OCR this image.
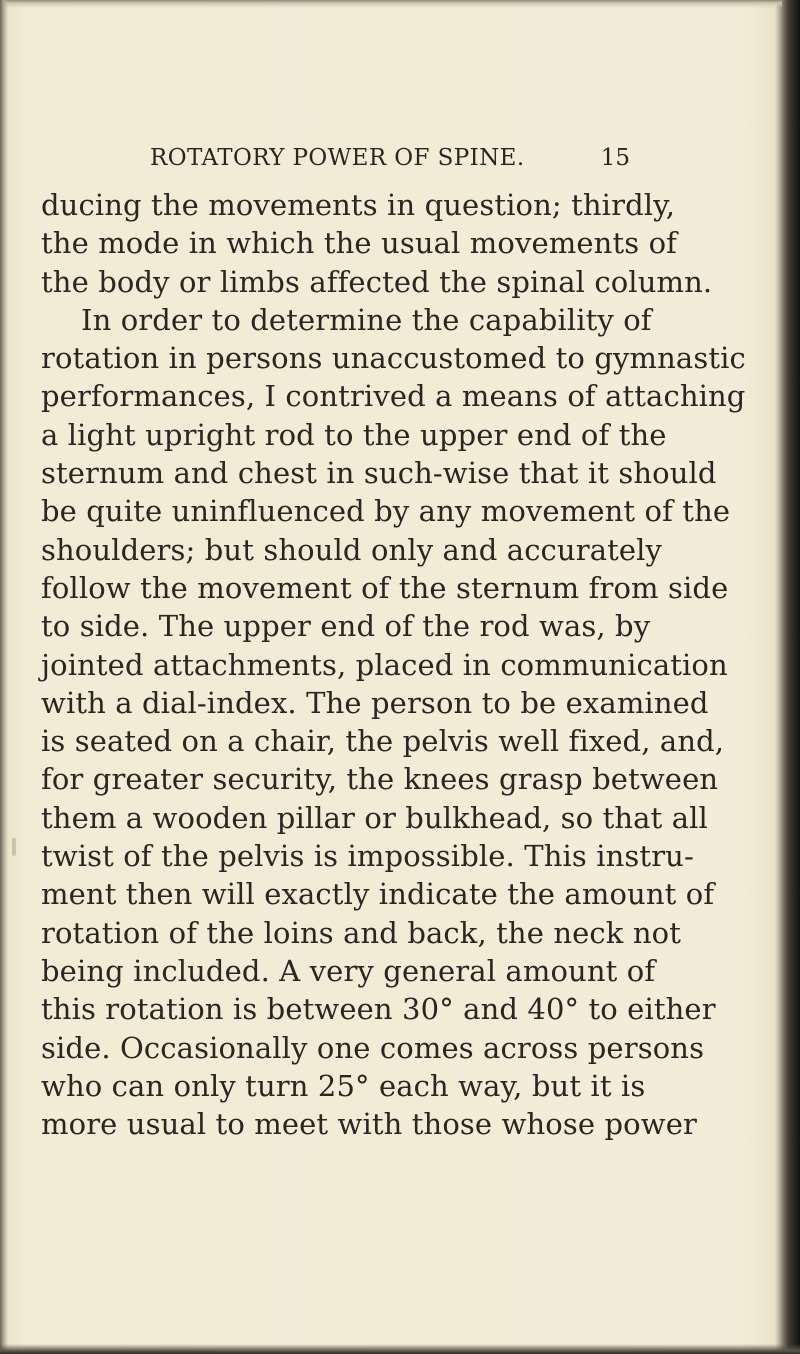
ROTATORY POWER OF SPINE.	15
ducing the movements in question; thirdly,
the mode in which the usual movements of
the body or limbs affected the spinal column.
In order to determine the capability of
rotation in persons unaccustomed to gymnastic
performances, I contrived a means of attaching
a light upright rod to the upper end of the
sternum and chest in such-wise that it should
be quite uninfluenced by any movement of the
shoulders; but should only and accurately
follow the movement of the sternum from side
to side. The upper end of the rod was, by
jointed attachments, placed in communication
with a dial-index. The person to be examined
is seated on a chair, the pelvis well fixed, and,
for greater security, the knees grasp between
them a wooden pillar or bulkhead, so that all
twist of the pelvis is impossible. This instru-
ment then will exactly indicate the amount of
rotation of the loins and back, the neck not
being included. A very general amount of
this rotation is between 30° and 40° to either
side. Occasionally one comes across persons
who can only turn 25° each way, but it is
more usual to meet with those whose power
